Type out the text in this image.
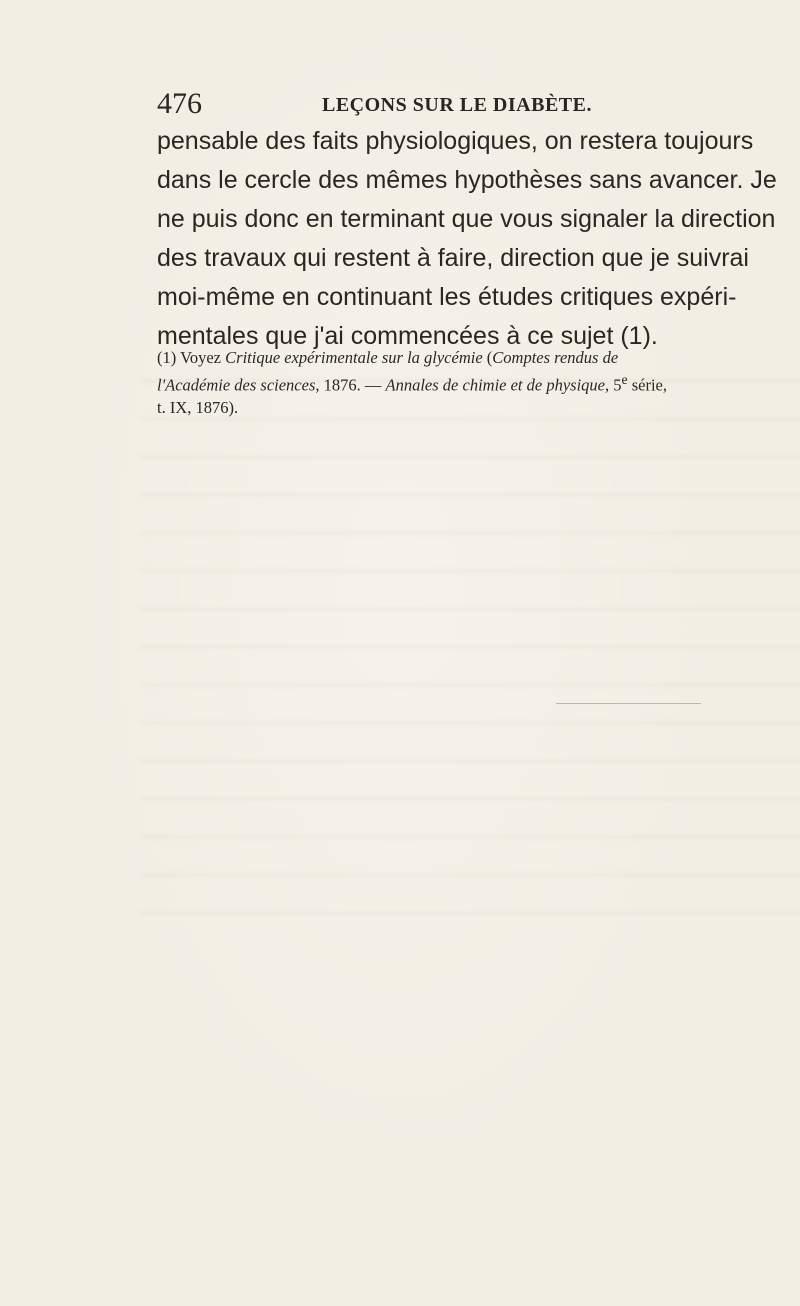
476	LEÇONS SUR LE DIABÈTE.

pensable des faits physiologiques, on restera toujours
dans le cercle des mêmes hypothèses sans avancer. Je
ne puis donc en terminant que vous signaler la direction
des travaux qui restent à faire, direction que je suivrai
moi-même en continuant les études critiques expéri-
mentales que j'ai commencées à ce sujet (1).

(1) Voyez Critique expérimentale sur la glycémie (Comptes rendus de
l'Académie des sciences, 1876. — Annales de chimie et de physique, 5e série,
t. IX, 1876).
